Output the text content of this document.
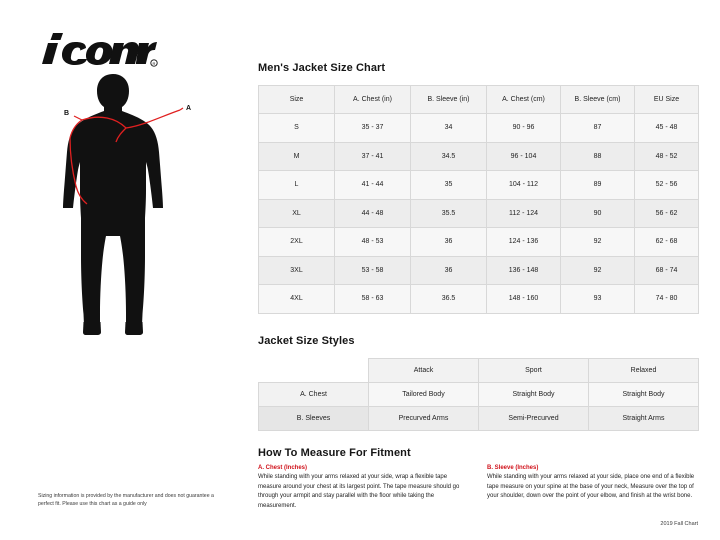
R
A
B
Sizing information is provided by the manufacturer and does not guarantee a perfect fit. Please use this chart as a guide only
Men's Jacket Size Chart
Size	A. Chest (in)	B. Sleeve (in)	A. Chest (cm)	B. Sleeve (cm)	EU Size
S	35 - 37	34	90 - 96	87	45 - 48
M	37 - 41	34.5	96 - 104	88	48 - 52
L	41 - 44	35	104 - 112	89	52 - 56
XL	44 - 48	35.5	112 - 124	90	56 - 62
2XL	48 - 53	36	124 - 136	92	62 - 68
3XL	53 - 58	36	136 - 148	92	68 - 74
4XL	58 - 63	36.5	148 - 160	93	74 - 80
Jacket Size Styles
	Attack	Sport	Relaxed
A. Chest	Tailored Body	Straight Body	Straight Body
B. Sleeves	Precurved Arms	Semi-Precurved	Straight Arms
How To Measure For Fitment
A. Chest (Inches)
While standing with your arms relaxed at your side, wrap a flexible tape measure around your chest at its largest point. The tape measure should go through your armpit and stay parallel with the floor while taking the measurement.
B. Sleeve (Inches)
While standing with your arms relaxed at your side, place one end of a flexible tape measure on your spine at the base of your neck, Measure over the top of your shoulder, down over the point of your elbow, and finish at the wrist bone.
2019 Fall Chart
